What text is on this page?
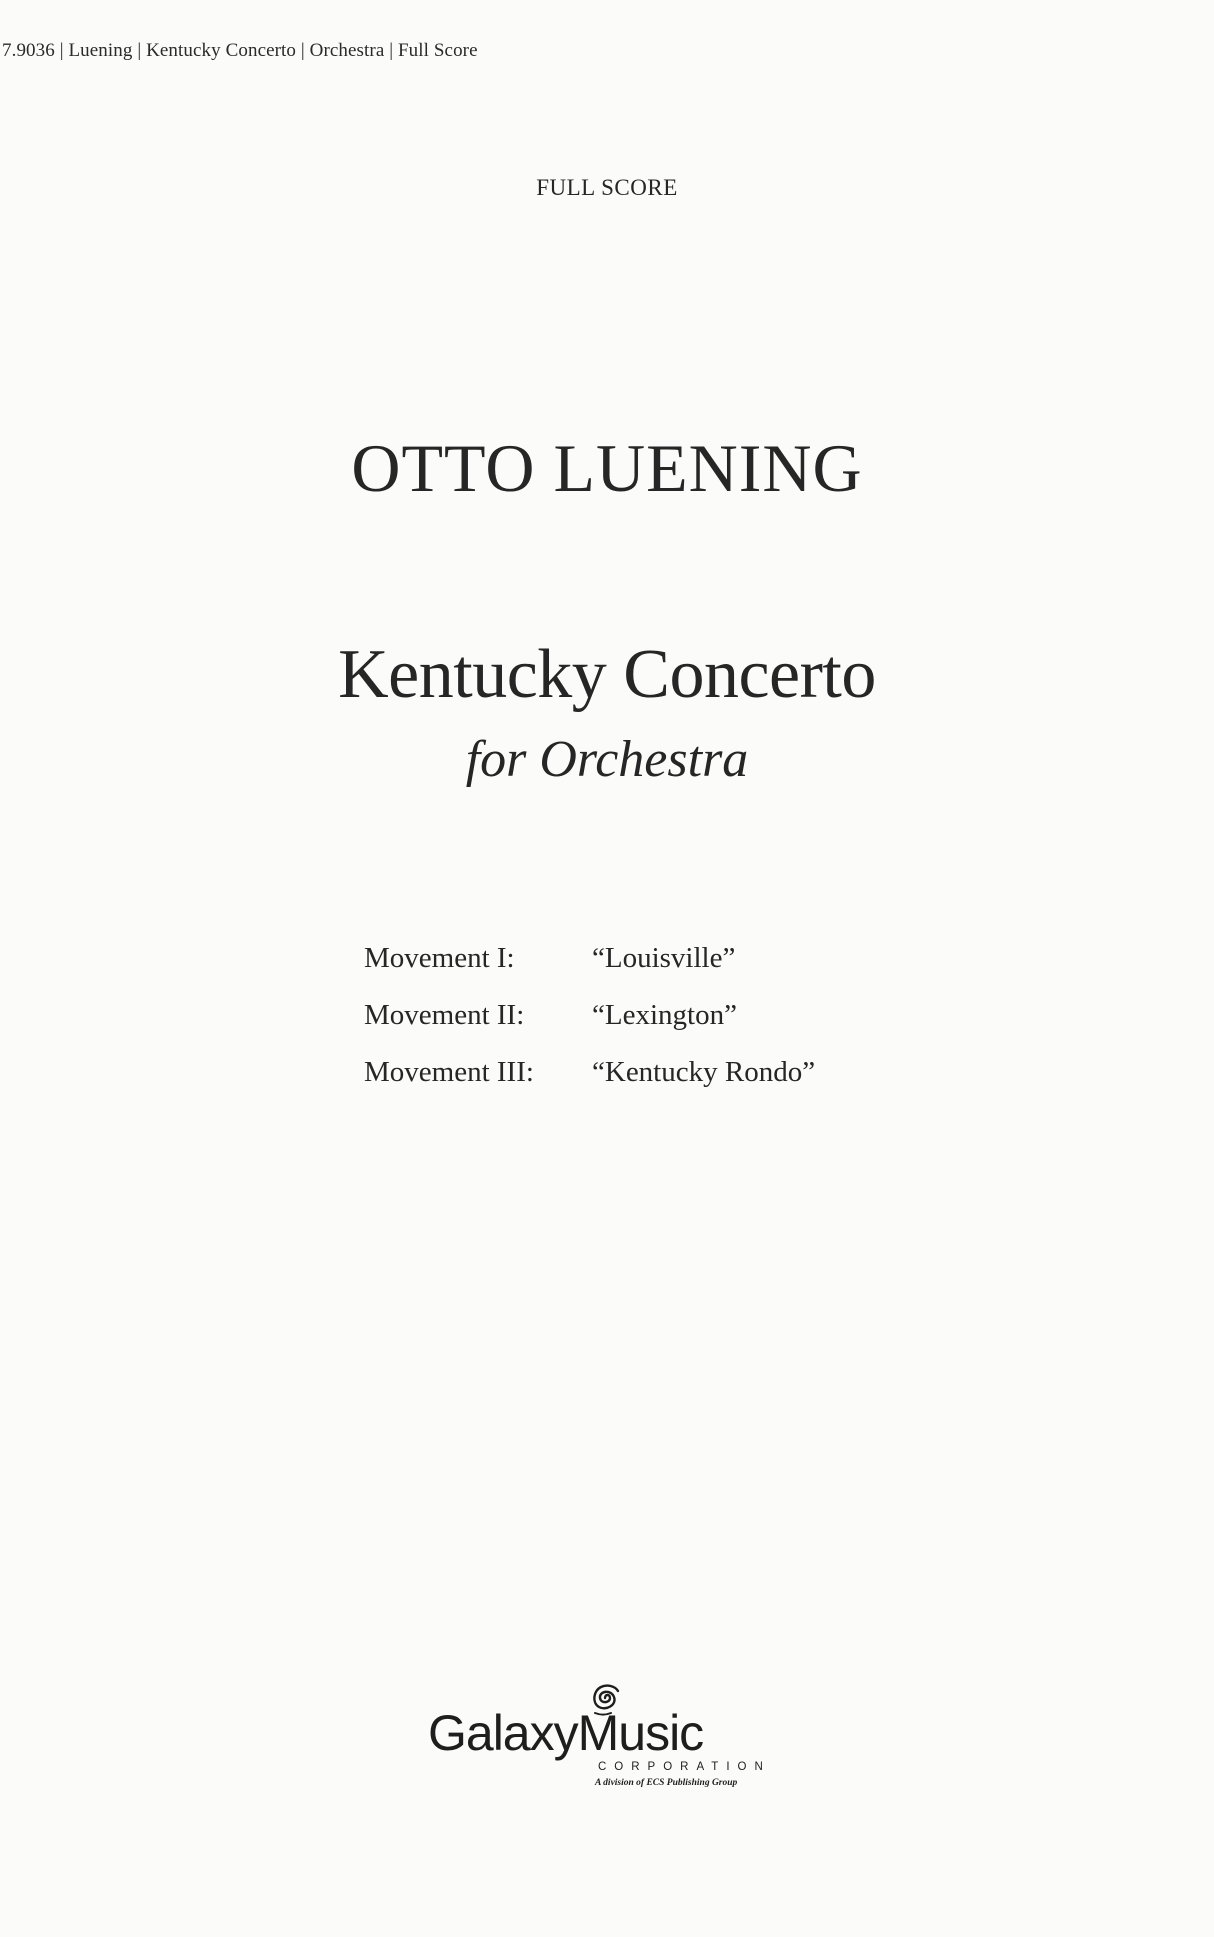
7.9036 | Luening | Kentucky Concerto | Orchestra | Full Score
FULL SCORE
OTTO LUENING
Kentucky Concerto
for Orchestra
Movement I:	“Louisville”
Movement II:	“Lexington”
Movement III:	“Kentucky Rondo”
GalaxyMusic
CORPORATION
A division of ECS Publishing Group
